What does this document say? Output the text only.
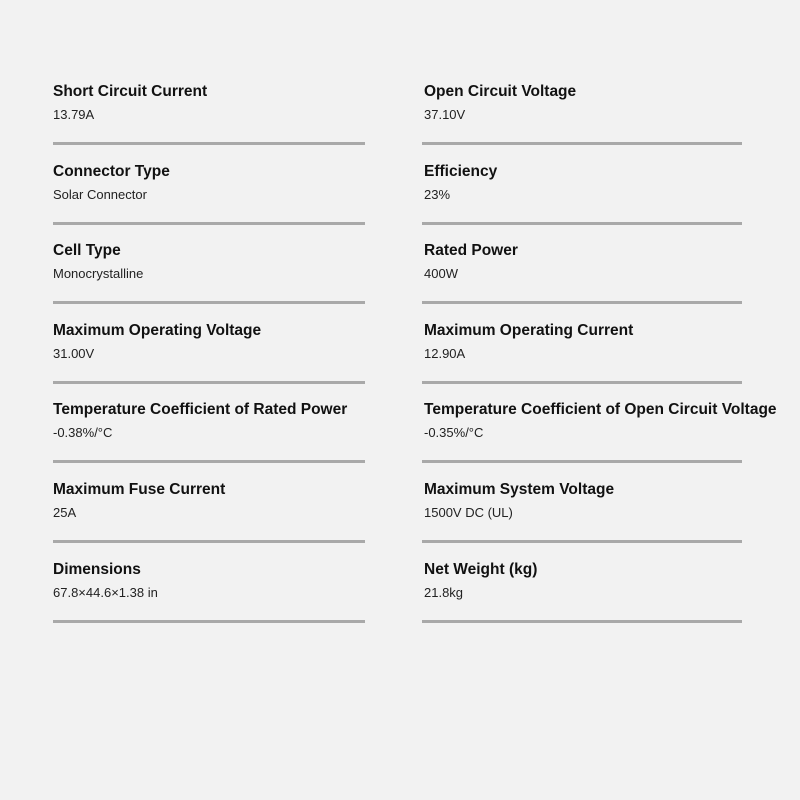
Short Circuit Current
13.79A
Open Circuit Voltage
37.10V
Connector Type
Solar Connector
Efficiency
23%
Cell Type
Monocrystalline
Rated Power
400W
Maximum Operating Voltage
31.00V
Maximum Operating Current
12.90A
Temperature Coefficient of Rated Power
-0.38%/°C
Temperature Coefficient of Open Circuit Voltage
-0.35%/°C
Maximum Fuse Current
25A
Maximum System Voltage
1500V DC (UL)
Dimensions
67.8×44.6×1.38 in
Net Weight (kg)
21.8kg
